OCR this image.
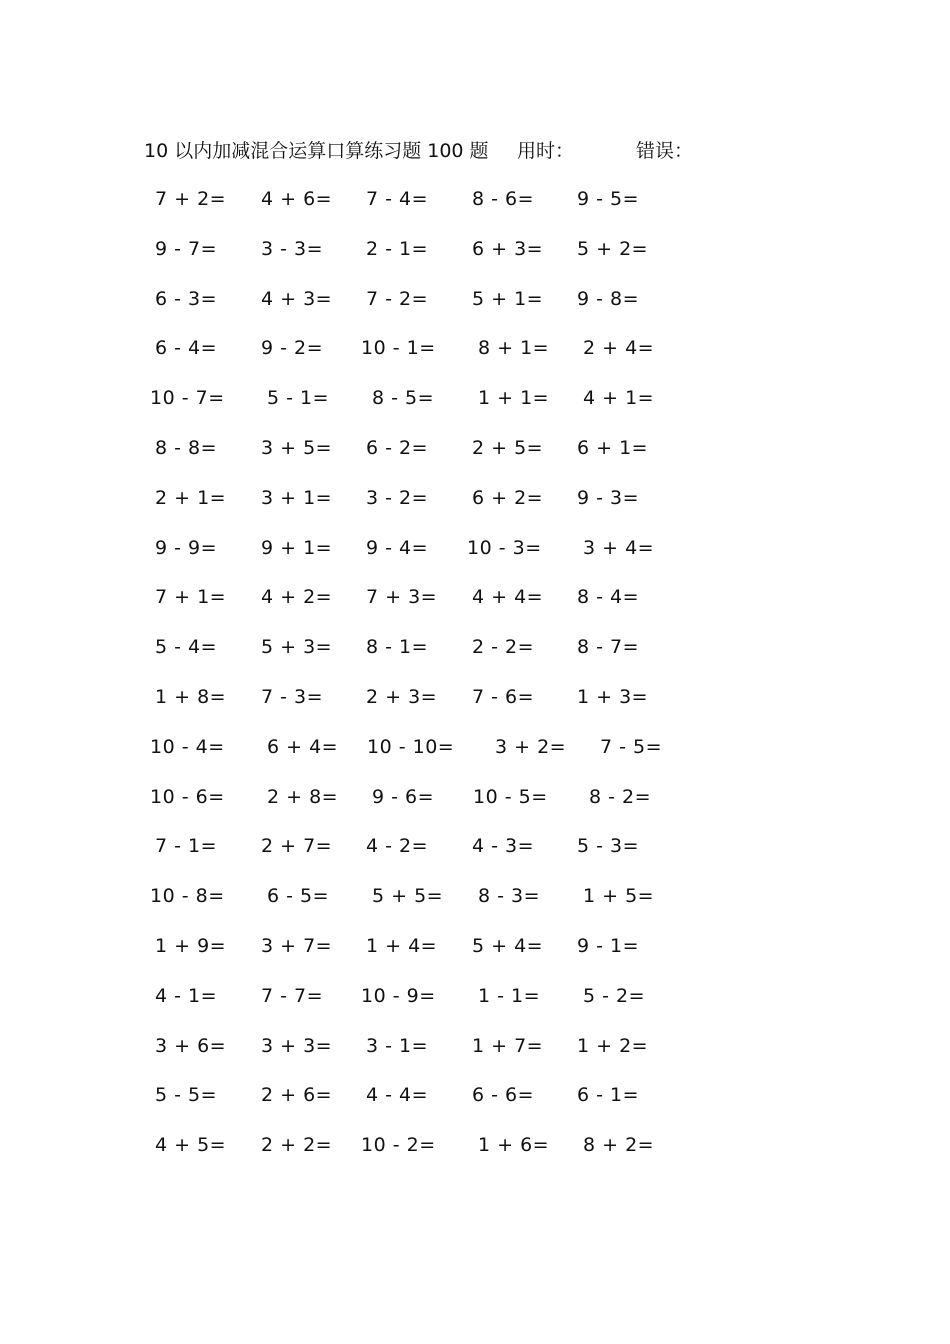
10 以内加减混合运算口算练习题 100 题 用时：	错误：
7 + 2= 4 + 6= 7 - 4= 8 - 6= 9 - 5=
9 - 7= 3 - 3= 2 - 1= 6 + 3= 5 + 2=
6 - 3= 4 + 3= 7 - 2= 5 + 1= 9 - 8=
6 - 4= 9 - 2= 10 - 1= 8 + 1= 2 + 4=
10 - 7= 5 - 1= 8 - 5= 1 + 1= 4 + 1=
8 - 8= 3 + 5= 6 - 2= 2 + 5= 6 + 1=
2 + 1= 3 + 1= 3 - 2= 6 + 2= 9 - 3=
9 - 9= 9 + 1= 9 - 4= 10 - 3= 3 + 4=
7 + 1= 4 + 2= 7 + 3= 4 + 4= 8 - 4=
5 - 4= 5 + 3= 8 - 1= 2 - 2= 8 - 7=
1 + 8= 7 - 3= 2 + 3= 7 - 6= 1 + 3=
10 - 4= 6 + 4= 10 - 10= 3 + 2= 7 - 5=
10 - 6= 2 + 8= 9 - 6= 10 - 5= 8 - 2=
7 - 1= 2 + 7= 4 - 2= 4 - 3= 5 - 3=
10 - 8= 6 - 5= 5 + 5= 8 - 3= 1 + 5=
1 + 9= 3 + 7= 1 + 4= 5 + 4= 9 - 1=
4 - 1= 7 - 7= 10 - 9= 1 - 1= 5 - 2=
3 + 6= 3 + 3= 3 - 1= 1 + 7= 1 + 2=
5 - 5= 2 + 6= 4 - 4= 6 - 6= 6 - 1=
4 + 5= 2 + 2= 10 - 2= 1 + 6= 8 + 2=
